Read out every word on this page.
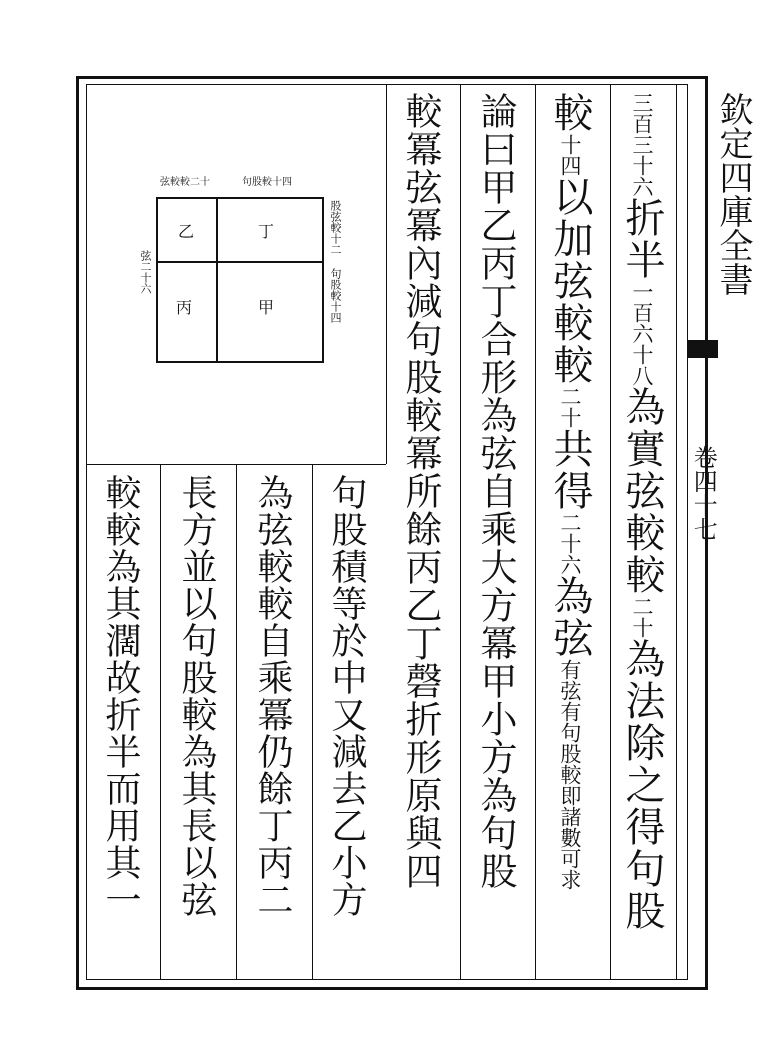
欽定四庫全書
卷四十七
三百三十六折半一百六十八為實弦較較二十為法除之得句股
較十四以加弦較較二十共得二十六為弦有弦有句股較即諸數可求
論曰甲乙丙丁合形為弦自乘大方冪甲小方為句股
較冪弦冪內減句股較冪所餘丙乙丁磬折形原與四
乙	丁
丙	甲
句股較十四
弦較較二十
股弦較十二 句股較十四
弦二十六
句股積等於中又減去乙小方
為弦較較自乘冪仍餘丁丙二
長方並以句股較為其長以弦
較較為其濶故折半而用其一
